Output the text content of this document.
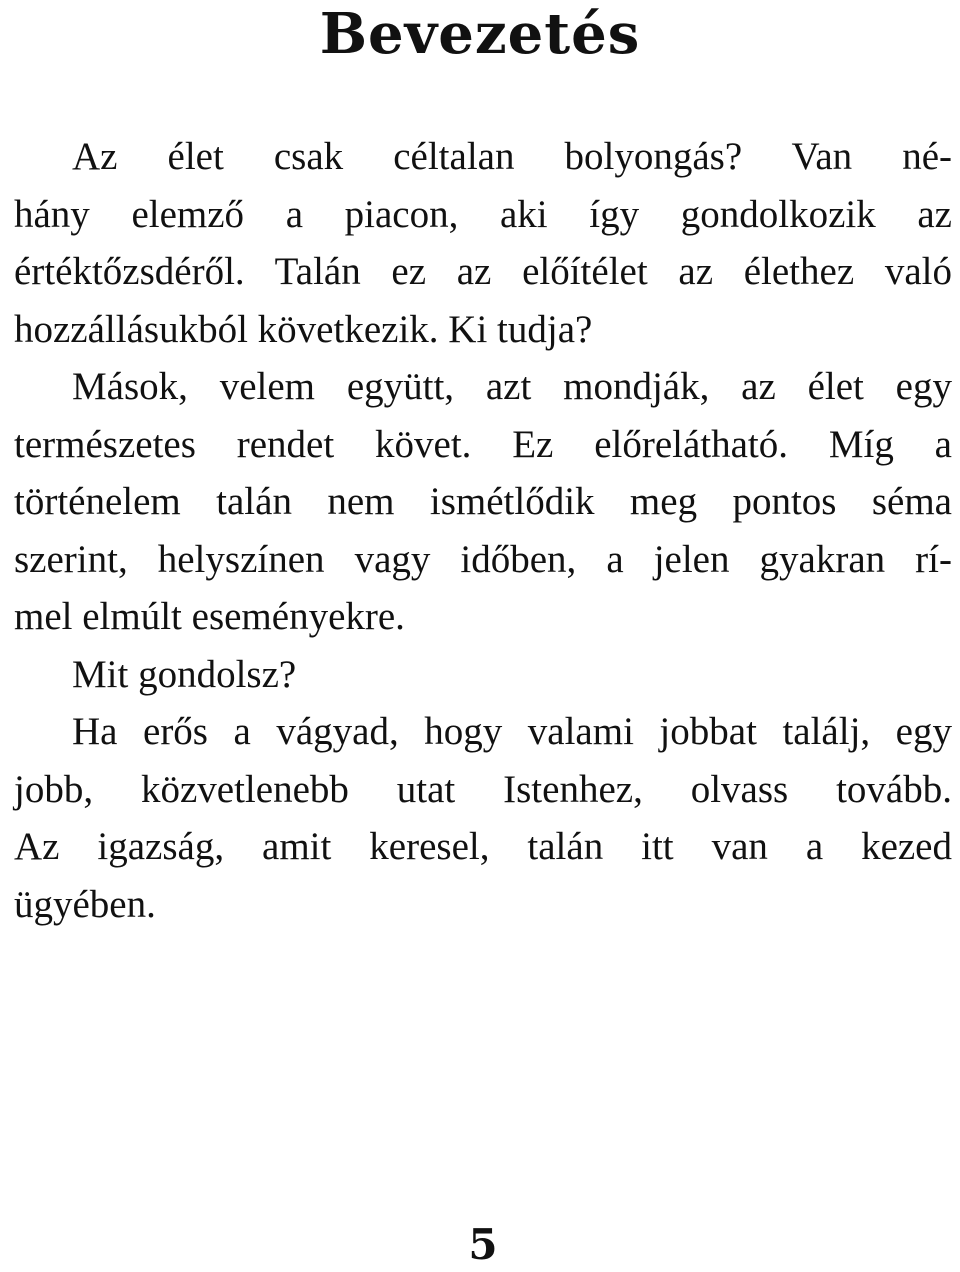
Bevezetés
Az élet csak céltalan bolyongás? Van né-
hány elemző a piacon, aki így gondolkozik az
értéktőzsdéről. Talán ez az előítélet az élethez való
hozzállásukból következik. Ki tudja?
Mások, velem együtt, azt mondják, az élet egy
természetes rendet követ. Ez előrelátható. Míg a
történelem talán nem ismétlődik meg pontos séma
szerint, helyszínen vagy időben, a jelen gyakran rí-
mel elmúlt eseményekre.
Mit gondolsz?
Ha erős a vágyad, hogy valami jobbat találj, egy
jobb, közvetlenebb utat Istenhez, olvass tovább.
Az igazság, amit keresel, talán itt van a kezed
ügyében.
5
